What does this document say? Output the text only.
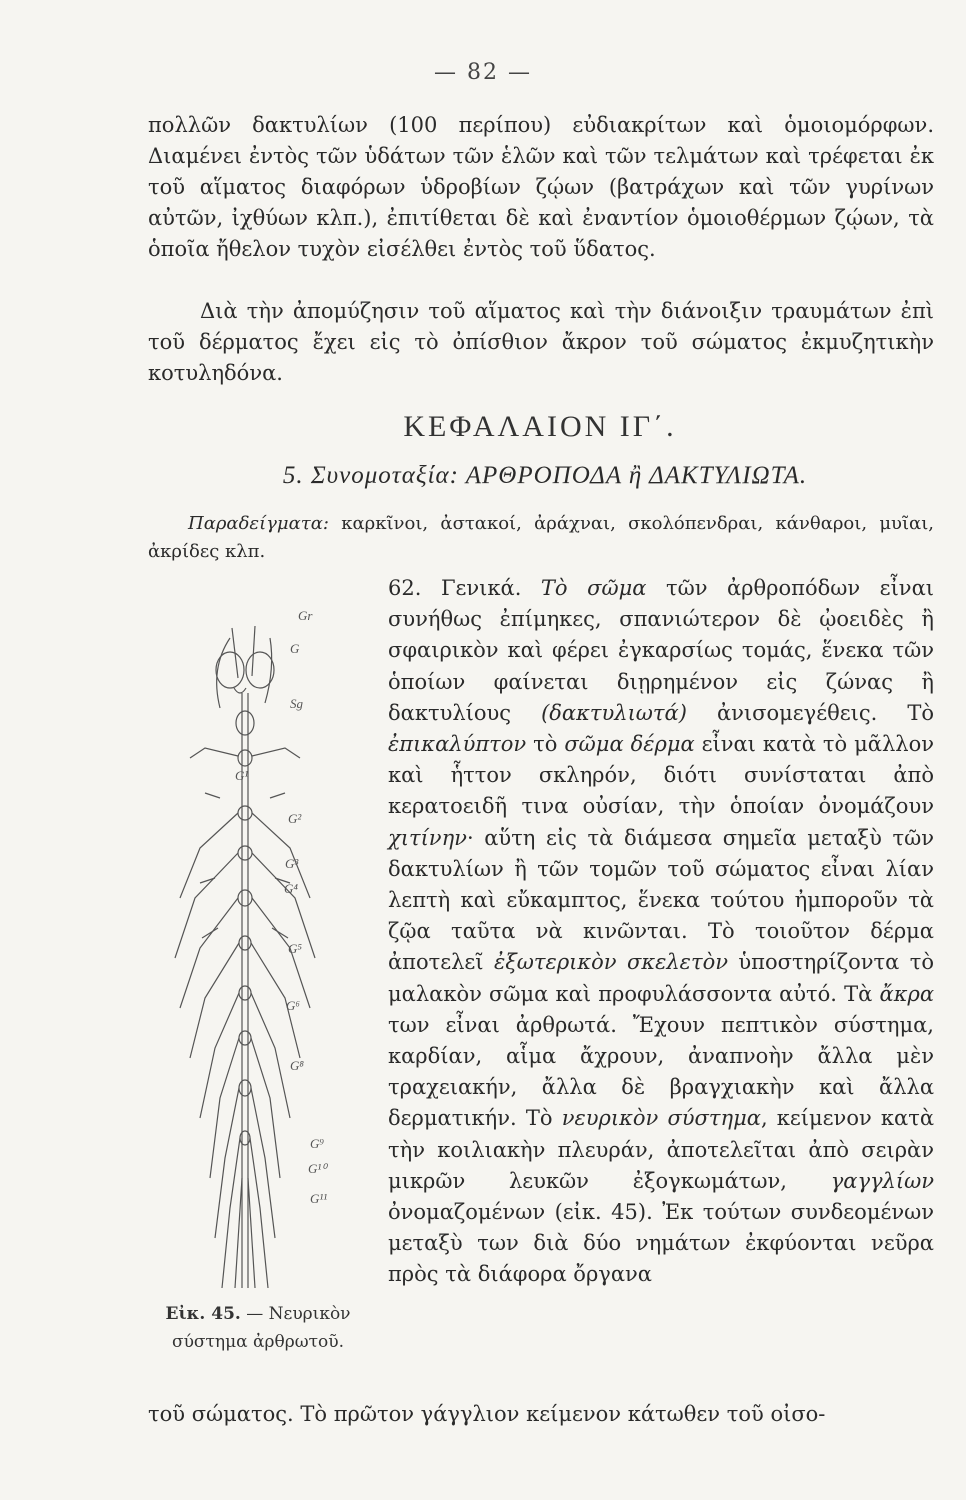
— 82 —
πολλῶν δακτυλίων (100 περίπου) εὐδιακρίτων καὶ ὁμοιομόρφων. Διαμένει ἐντὸς τῶν ὑδάτων τῶν ἑλῶν καὶ τῶν τελμάτων καὶ τρέφεται ἐκ τοῦ αἵματος διαφόρων ὑδροβίων ζῴων (βατράχων καὶ τῶν γυρίνων αὐτῶν, ἰχθύων κλπ.), ἐπιτίθεται δὲ καὶ ἐναντίον ὁμοιοθέρμων ζῴων, τὰ ὁποῖα ἤθελον τυχὸν εἰσέλθει ἐντὸς τοῦ ὕδατος.
Διὰ τὴν ἀπομύζησιν τοῦ αἵματος καὶ τὴν διάνοιξιν τραυμάτων ἐπὶ τοῦ δέρματος ἔχει εἰς τὸ ὀπίσθιον ἄκρον τοῦ σώματος ἐκμυζητικὴν κοτυληδόνα.
ΚΕΦΑΛΑΙΟΝ ΙΓ΄.
5. Συνομοταξία: ΑΡΘΡΟΠΟΔΑ ἢ ΔΑΚΤΥΛΙΩΤΑ.
Παραδείγματα: καρκῖνοι, ἀστακοί, ἀράχναι, σκολόπενδραι, κάνθαροι, μυῖαι, ἀκρίδες κλπ.
Gr
G
Sg
G¹
G²
G³
G⁴
G⁵
G⁶
G⁸
G⁹
G¹⁰
G¹¹
Εἰκ. 45. — Νευρικὸν σύστημα ἀρθρωτοῦ.
62. Γενικά. Τὸ σῶμα τῶν ἀρθροπόδων εἶναι συνήθως ἐπίμηκες, σπανιώτερον δὲ ᾠοειδὲς ἢ σφαιρικὸν καὶ φέρει ἐγκαρσίως τομάς, ἕνεκα τῶν ὁποίων φαίνεται διῃρημένον εἰς ζώνας ἢ δακτυλίους (δακτυλιωτά) ἀνισομεγέθεις. Τὸ ἐπικαλύπτον τὸ σῶμα δέρμα εἶναι κατὰ τὸ μᾶλλον καὶ ἧττον σκληρόν, διότι συνίσταται ἀπὸ κερατοειδῆ τινα οὐσίαν, τὴν ὁποίαν ὀνομάζουν χιτίνην· αὕτη εἰς τὰ διάμεσα σημεῖα μεταξὺ τῶν δακτυλίων ἢ τῶν τομῶν τοῦ σώματος εἶναι λίαν λεπτὴ καὶ εὔκαμπτος, ἕνεκα τούτου ἠμποροῦν τὰ ζῷα ταῦτα νὰ κινῶνται. Τὸ τοιοῦτον δέρμα ἀποτελεῖ ἐξωτερικὸν σκελετὸν ὑποστηρίζοντα τὸ μαλακὸν σῶμα καὶ προφυλάσσοντα αὐτό. Τὰ ἄκρα των εἶναι ἀρθρωτά. Ἔχουν πεπτικὸν σύστημα, καρδίαν, αἷμα ἄχρουν, ἀναπνοὴν ἄλλα μὲν τραχειακήν, ἄλλα δὲ βραγχιακὴν καὶ ἄλλα δερματικήν. Τὸ νευρικὸν σύστημα, κείμενον κατὰ τὴν κοιλιακὴν πλευράν, ἀποτελεῖται ἀπὸ σειρὰν μικρῶν λευκῶν ἐξογκωμάτων, γαγγλίων ὀνομαζομένων (εἰκ. 45). Ἐκ τούτων συνδεομένων μεταξὺ των διὰ δύο νημάτων ἐκφύονται νεῦρα πρὸς τὰ διάφορα ὄργανα
τοῦ σώματος. Τὸ πρῶτον γάγγλιον κείμενον κάτωθεν τοῦ οἰσο-
